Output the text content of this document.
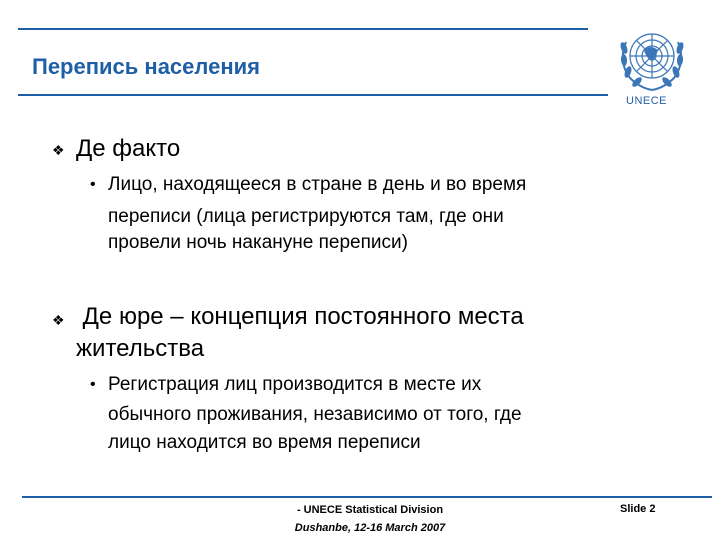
Перепись населения
UNECE
❖ Де факто
• Лицо, находящееся в стране в день и во время
переписи (лица регистрируются там, где они
провели ночь накануне переписи)
❖ Де юре – концепция постоянного места
жительства
• Регистрация лиц производится в месте их
обычного проживания, независимо от того, где
лицо находится во время переписи
- UNECE Statistical Division
Dushanbe, 12-16 March 2007
Slide 2
